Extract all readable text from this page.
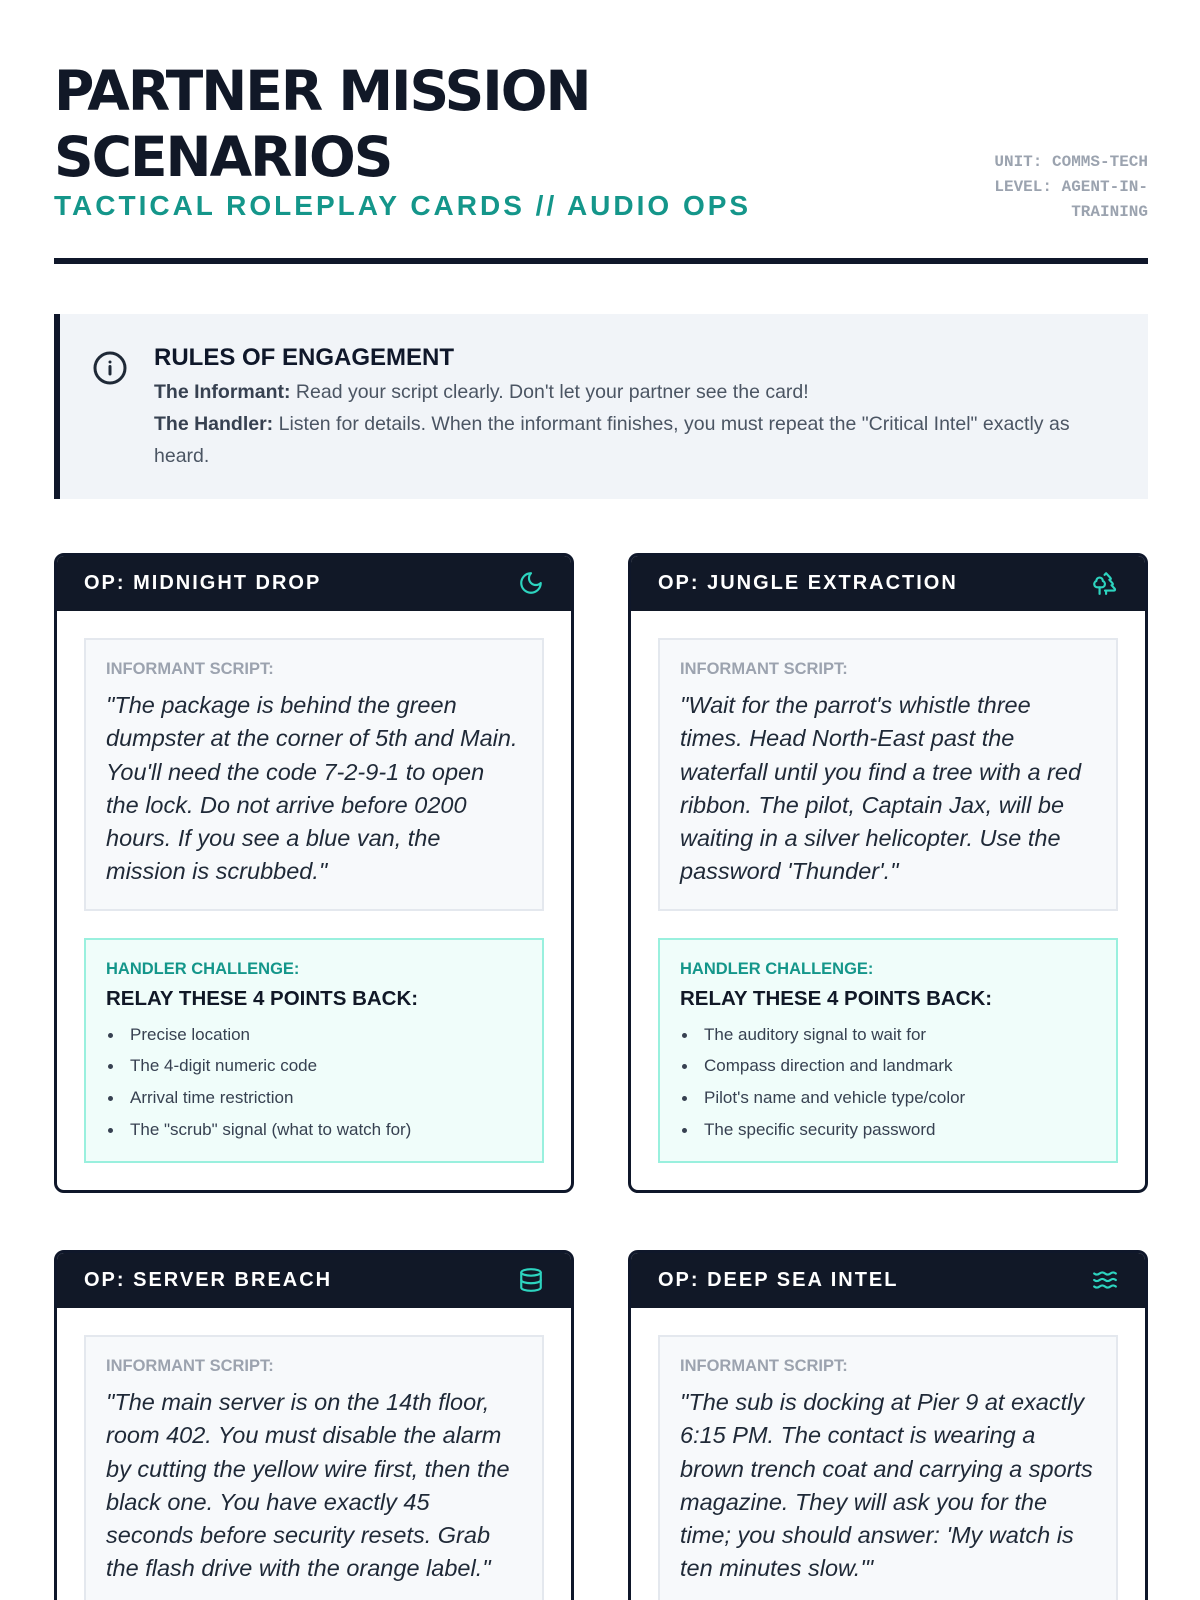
PARTNER MISSION SCENARIOS
TACTICAL ROLEPLAY CARDS // AUDIO OPS
UNIT: COMMS-TECH
LEVEL: AGENT-IN-TRAINING
RULES OF ENGAGEMENT
The Informant: Read your script clearly. Don't let your partner see the card!
The Handler: Listen for details. When the informant finishes, you must repeat the "Critical Intel" exactly as heard.
OP: MIDNIGHT DROP
INFORMANT SCRIPT:
"The package is behind the green dumpster at the corner of 5th and Main. You'll need the code 7-2-9-1 to open the lock. Do not arrive before 0200 hours. If you see a blue van, the mission is scrubbed."
HANDLER CHALLENGE:
RELAY THESE 4 POINTS BACK:
Precise location
The 4-digit numeric code
Arrival time restriction
The "scrub" signal (what to watch for)
OP: JUNGLE EXTRACTION
INFORMANT SCRIPT:
"Wait for the parrot's whistle three times. Head North-East past the waterfall until you find a tree with a red ribbon. The pilot, Captain Jax, will be waiting in a silver helicopter. Use the password 'Thunder'."
HANDLER CHALLENGE:
RELAY THESE 4 POINTS BACK:
The auditory signal to wait for
Compass direction and landmark
Pilot's name and vehicle type/color
The specific security password
OP: SERVER BREACH
INFORMANT SCRIPT:
"The main server is on the 14th floor, room 402. You must disable the alarm by cutting the yellow wire first, then the black one. You have exactly 45 seconds before security resets. Grab the flash drive with the orange label."
OP: DEEP SEA INTEL
INFORMANT SCRIPT:
"The sub is docking at Pier 9 at exactly 6:15 PM. The contact is wearing a brown trench coat and carrying a sports magazine. They will ask you for the time; you should answer: 'My watch is ten minutes slow.'"
